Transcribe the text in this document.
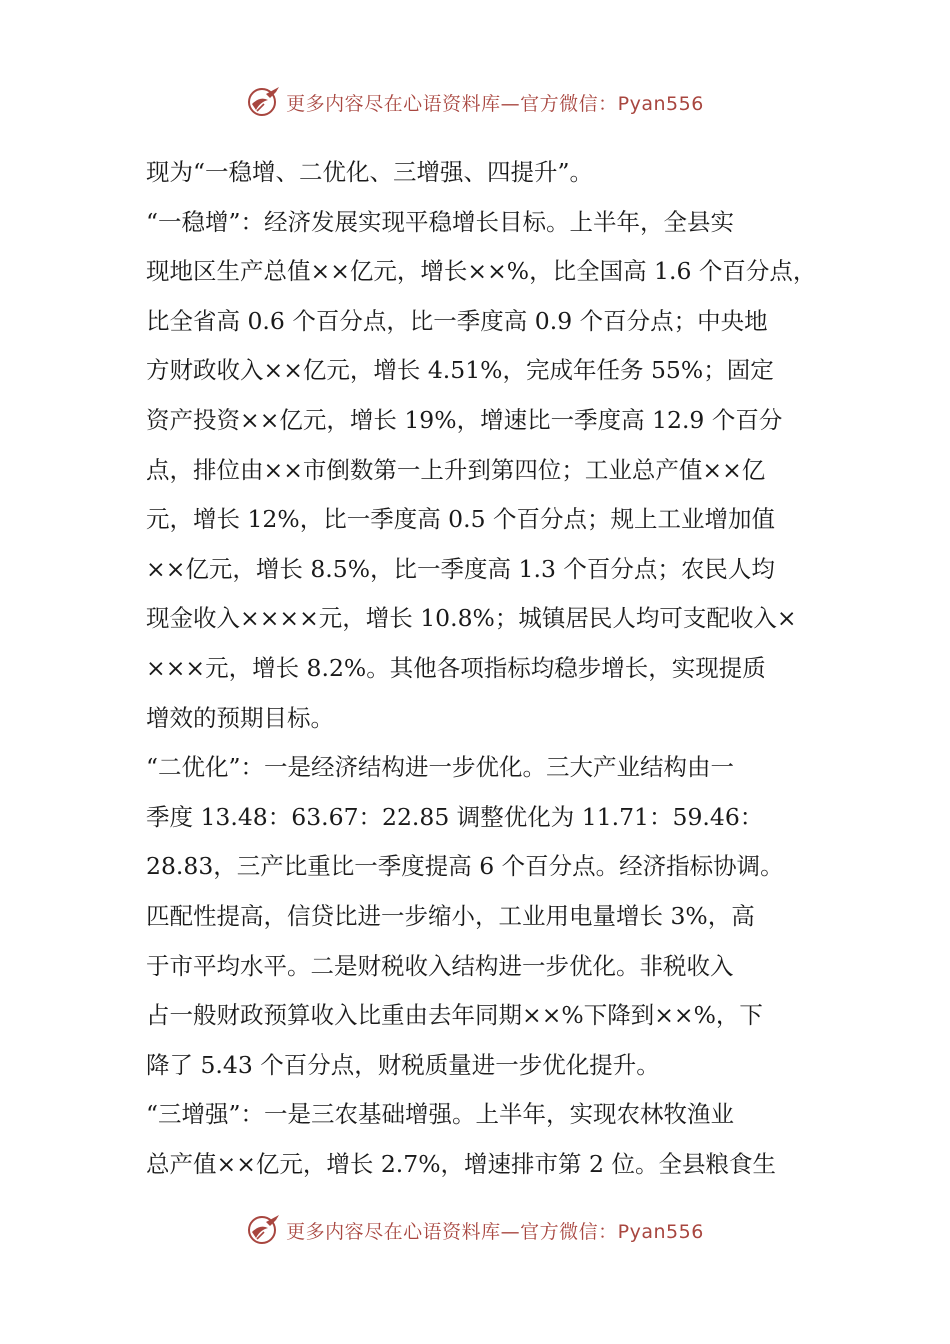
更多内容尽在心语资料库—官方微信：Pyan556
现为“一稳增、二优化、三增强、四提升”。
“一稳增”：经济发展实现平稳增长目标。上半年，全县实
现地区生产总值××亿元，增长××%，比全国高 1.6 个百分点，
比全省高 0.6 个百分点，比一季度高 0.9 个百分点；中央地
方财政收入××亿元，增长 4.51%，完成年任务 55%；固定
资产投资××亿元，增长 19%，增速比一季度高 12.9 个百分
点，排位由××市倒数第一上升到第四位；工业总产值××亿
元，增长 12%，比一季度高 0.5 个百分点；规上工业增加值
××亿元，增长 8.5%，比一季度高 1.3 个百分点；农民人均
现金收入××××元，增长 10.8%；城镇居民人均可支配收入×
×××元，增长 8.2%。其他各项指标均稳步增长，实现提质
增效的预期目标。
“二优化”：一是经济结构进一步优化。三大产业结构由一
季度 13.48：63.67：22.85 调整优化为 11.71：59.46：
28.83，三产比重比一季度提高 6 个百分点。经济指标协调。
匹配性提高，信贷比进一步缩小，工业用电量增长 3%，高
于市平均水平。二是财税收入结构进一步优化。非税收入
占一般财政预算收入比重由去年同期××%下降到××%，下
降了 5.43 个百分点，财税质量进一步优化提升。
“三增强”：一是三农基础增强。上半年，实现农林牧渔业
总产值××亿元，增长 2.7%，增速排市第 2 位。全县粮食生
更多内容尽在心语资料库—官方微信：Pyan556
